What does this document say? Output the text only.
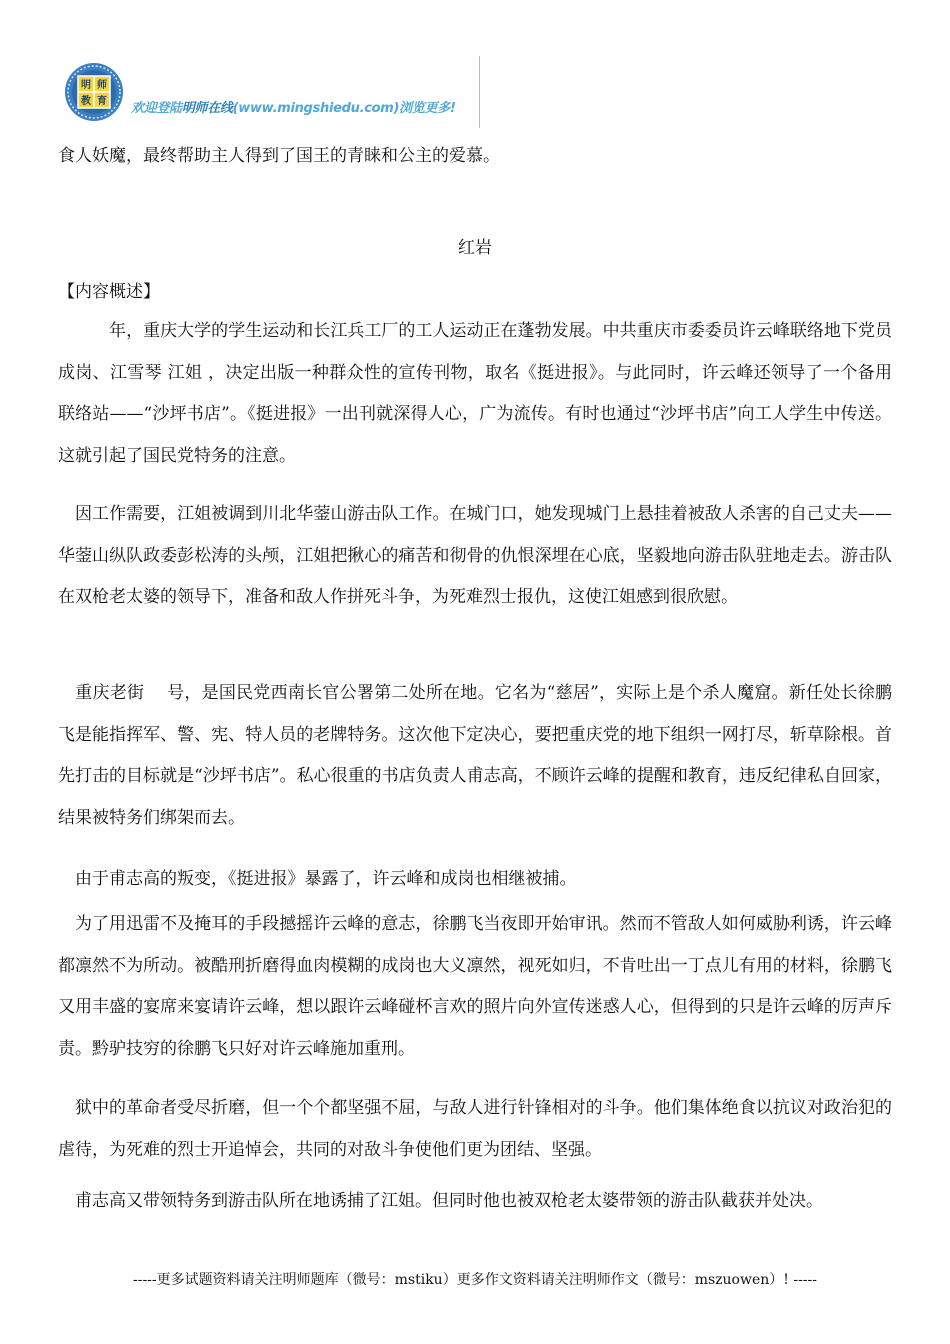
明 师
教 育 欢迎登陆明师在线(www.mingshiedu.com)浏览更多!
食人妖魔，最终帮助主人得到了国王的青睐和公主的爱慕。
红岩
【内容概述】
　　　年，重庆大学的学生运动和长江兵工厂的工人运动正在蓬勃发展。中共重庆市委委员许云峰联络地下党员成岗、江雪琴 江姐 ，决定出版一种群众性的宣传刊物，取名《挺进报》。与此同时，许云峰还领导了一个备用联络站——“沙坪书店”。《挺进报》一出刊就深得人心，广为流传。有时也通过“沙坪书店”向工人学生中传送。这就引起了国民党特务的注意。
　因工作需要，江姐被调到川北华蓥山游击队工作。在城门口，她发现城门上悬挂着被敌人杀害的自己丈夫——华蓥山纵队政委彭松涛的头颅，江姐把揪心的痛苦和彻骨的仇恨深埋在心底，坚毅地向游击队驻地走去。游击队在双枪老太婆的领导下，准备和敌人作拼死斗争，为死难烈士报仇，这使江姐感到很欣慰。
　重庆老街　 号，是国民党西南长官公署第二处所在地。它名为“慈居”，实际上是个杀人魔窟。新任处长徐鹏飞是能指挥军、警、宪、特人员的老牌特务。这次他下定决心，要把重庆党的地下组织一网打尽，斩草除根。首先打击的目标就是“沙坪书店”。私心很重的书店负责人甫志高，不顾许云峰的提醒和教育，违反纪律私自回家，结果被特务们绑架而去。
　由于甫志高的叛变，《挺进报》暴露了，许云峰和成岗也相继被捕。
　为了用迅雷不及掩耳的手段撼摇许云峰的意志，徐鹏飞当夜即开始审讯。然而不管敌人如何威胁利诱，许云峰都凛然不为所动。被酷刑折磨得血肉模糊的成岗也大义凛然，视死如归，不肯吐出一丁点儿有用的材料，徐鹏飞又用丰盛的宴席来宴请许云峰，想以跟许云峰碰杯言欢的照片向外宣传迷惑人心，但得到的只是许云峰的厉声斥责。黔驴技穷的徐鹏飞只好对许云峰施加重刑。
　狱中的革命者受尽折磨，但一个个都坚强不屈，与敌人进行针锋相对的斗争。他们集体绝食以抗议对政治犯的虐待，为死难的烈士开追悼会，共同的对敌斗争使他们更为团结、坚强。
　甫志高又带领特务到游击队所在地诱捕了江姐。但同时他也被双枪老太婆带领的游击队截获并处决。
-----更多试题资料请关注明师题库（微号：mstiku）更多作文资料请关注明师作文（微号：mszuowen）! -----
